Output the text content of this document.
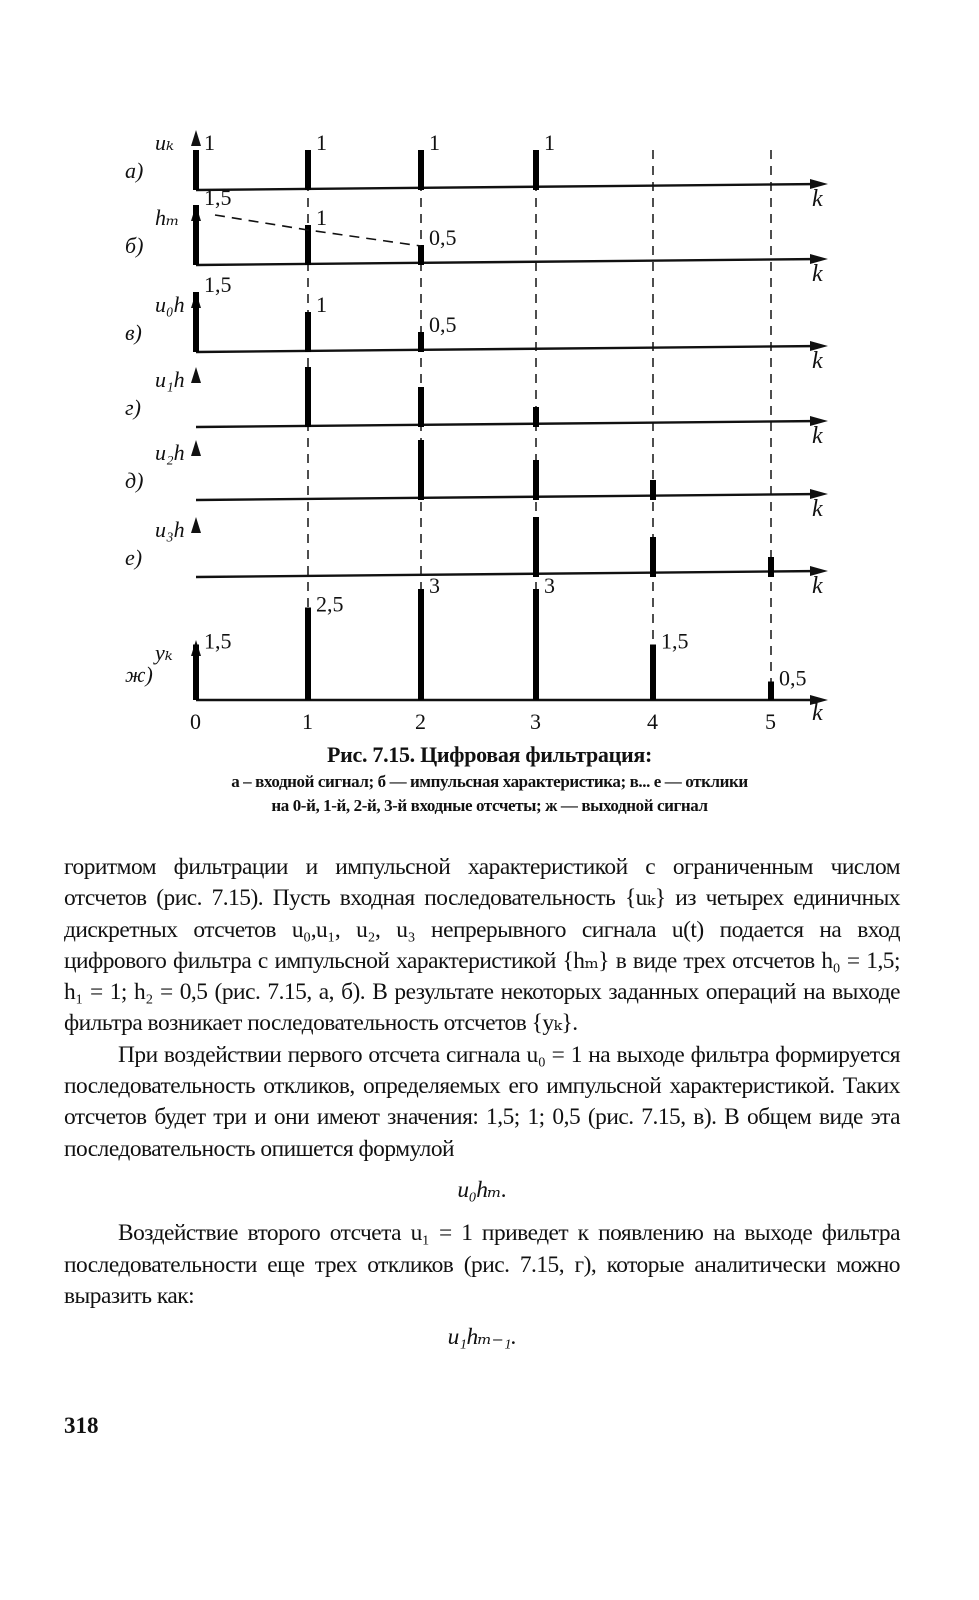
k
а)
uₖ 1	1	1	1
k
б)
hₘ
1,5
1
0,5
k
в)
u₀h
1,5
1
0,5
k
г)
u₁h
k
д)
u₂h
k
е)
u₃h
k
ж)
yₖ 1,5
2,5
3	3
1,5
0,5
0	1	2	3	4	5
Рис. 7.15. Цифровая фильтрация:
а – входной сигнал; б — импульсная характеристика; в... е — отклики
на 0-й, 1-й, 2-й, 3-й входные отсчеты; ж — выходной сигнал

горитмом фильтрации и импульсной характеристикой с ограниченным числом отсчетов (рис. 7.15). Пусть входная последовательность {uₖ} из четырех единичных дискретных отсчетов u₀,u₁, u₂, u₃ непрерывного сигнала u(t) подается на вход цифрового фильтра с импульсной характеристикой {hₘ} в виде трех отсчетов h₀ = 1,5; h₁ = 1; h₂ = 0,5 (рис. 7.15, а, б). В результате некоторых заданных операций на выходе фильтра возникает последовательность отсчетов {yₖ}.

При воздействии первого отсчета сигнала u₀ = 1 на выходе фильтра формируется последовательность откликов, определяемых его импульсной характеристикой. Таких отсчетов будет три и они имеют значения: 1,5; 1; 0,5 (рис. 7.15, в). В общем виде эта последовательность опишется формулой

u₀hₘ.

Воздействие второго отсчета u₁ = 1 приведет к появлению на выходе фильтра последовательности еще трех откликов (рис. 7.15, г), которые аналитически можно выразить как:

u₁hₘ₋₁.

318
